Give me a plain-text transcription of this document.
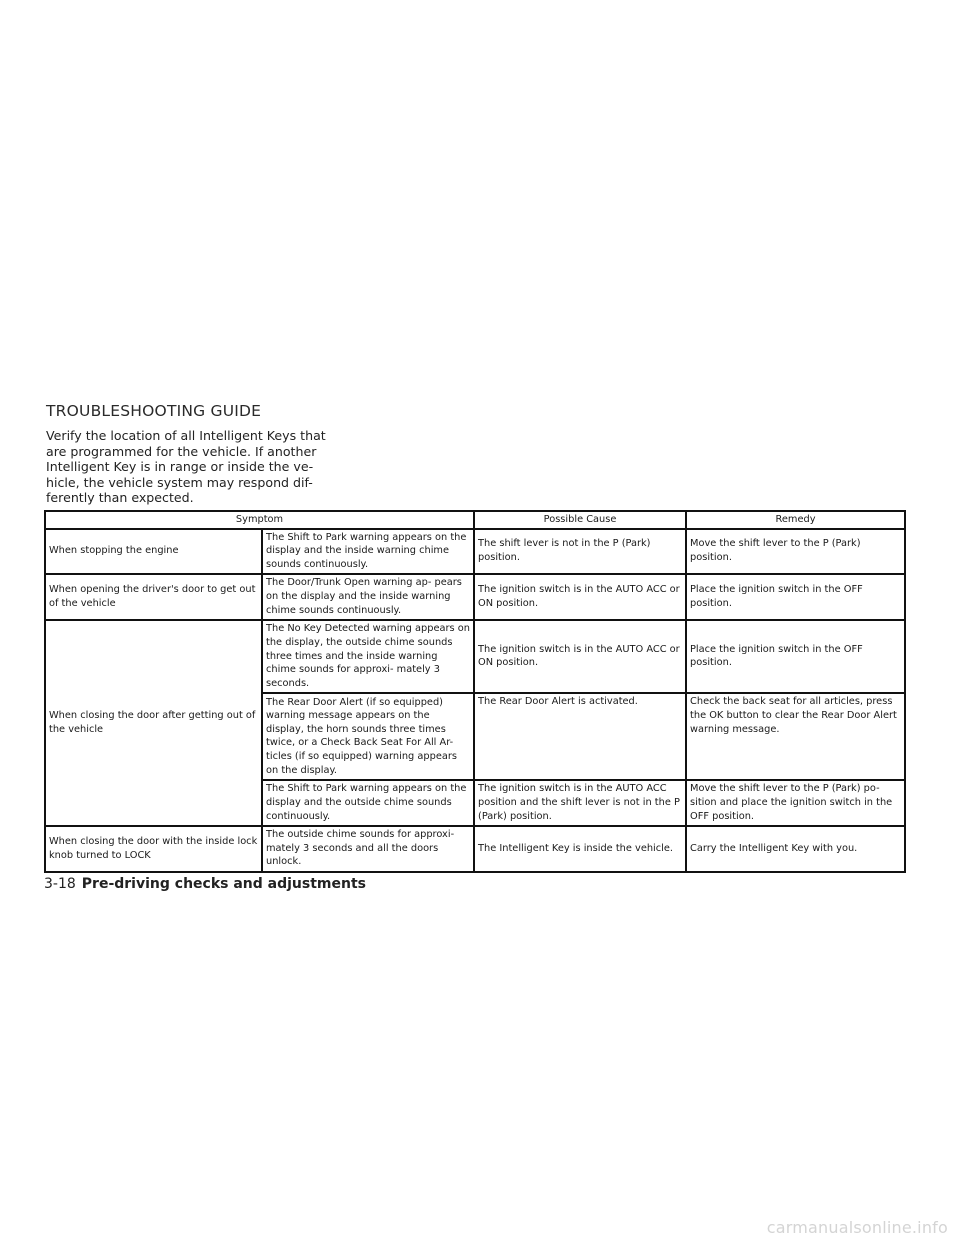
TROUBLESHOOTING GUIDE
Verify the location of all Intelligent Keys that are programmed for the vehicle. If another Intelligent Key is in range or inside the ve- hicle, the vehicle system may respond dif- ferently than expected.
Symptom		Possible Cause	Remedy
When stopping the engine	The Shift to Park warning appears on the display and the inside warning chime sounds continuously.	The shift lever is not in the P (Park) position.	Move the shift lever to the P (Park) position.
When opening the driver's door to get out of the vehicle	The Door/Trunk Open warning ap- pears on the display and the inside warning chime sounds continuously.	The ignition switch is in the AUTO ACC or ON position.	Place the ignition switch in the OFF position.
When closing the door after getting out of the vehicle	The No Key Detected warning appears on the display, the outside chime sounds three times and the inside warning chime sounds for approxi- mately 3 seconds.	The ignition switch is in the AUTO ACC or ON position.	Place the ignition switch in the OFF position.
	The Rear Door Alert (if so equipped) warning message appears on the display, the horn sounds three times twice, or a Check Back Seat For All Ar- ticles (if so equipped) warning appears on the display.	The Rear Door Alert is activated.	Check the back seat for all articles, press the OK button to clear the Rear Door Alert warning message.
	The Shift to Park warning appears on the display and the outside chime sounds continuously.	The ignition switch is in the AUTO ACC position and the shift lever is not in the P (Park) position.	Move the shift lever to the P (Park) po- sition and place the ignition switch in the OFF position.
When closing the door with the inside lock knob turned to LOCK	The outside chime sounds for approxi- mately 3 seconds and all the doors unlock.	The Intelligent Key is inside the vehicle.	Carry the Intelligent Key with you.
3-18 Pre-driving checks and adjustments
carmanualsonline.info
